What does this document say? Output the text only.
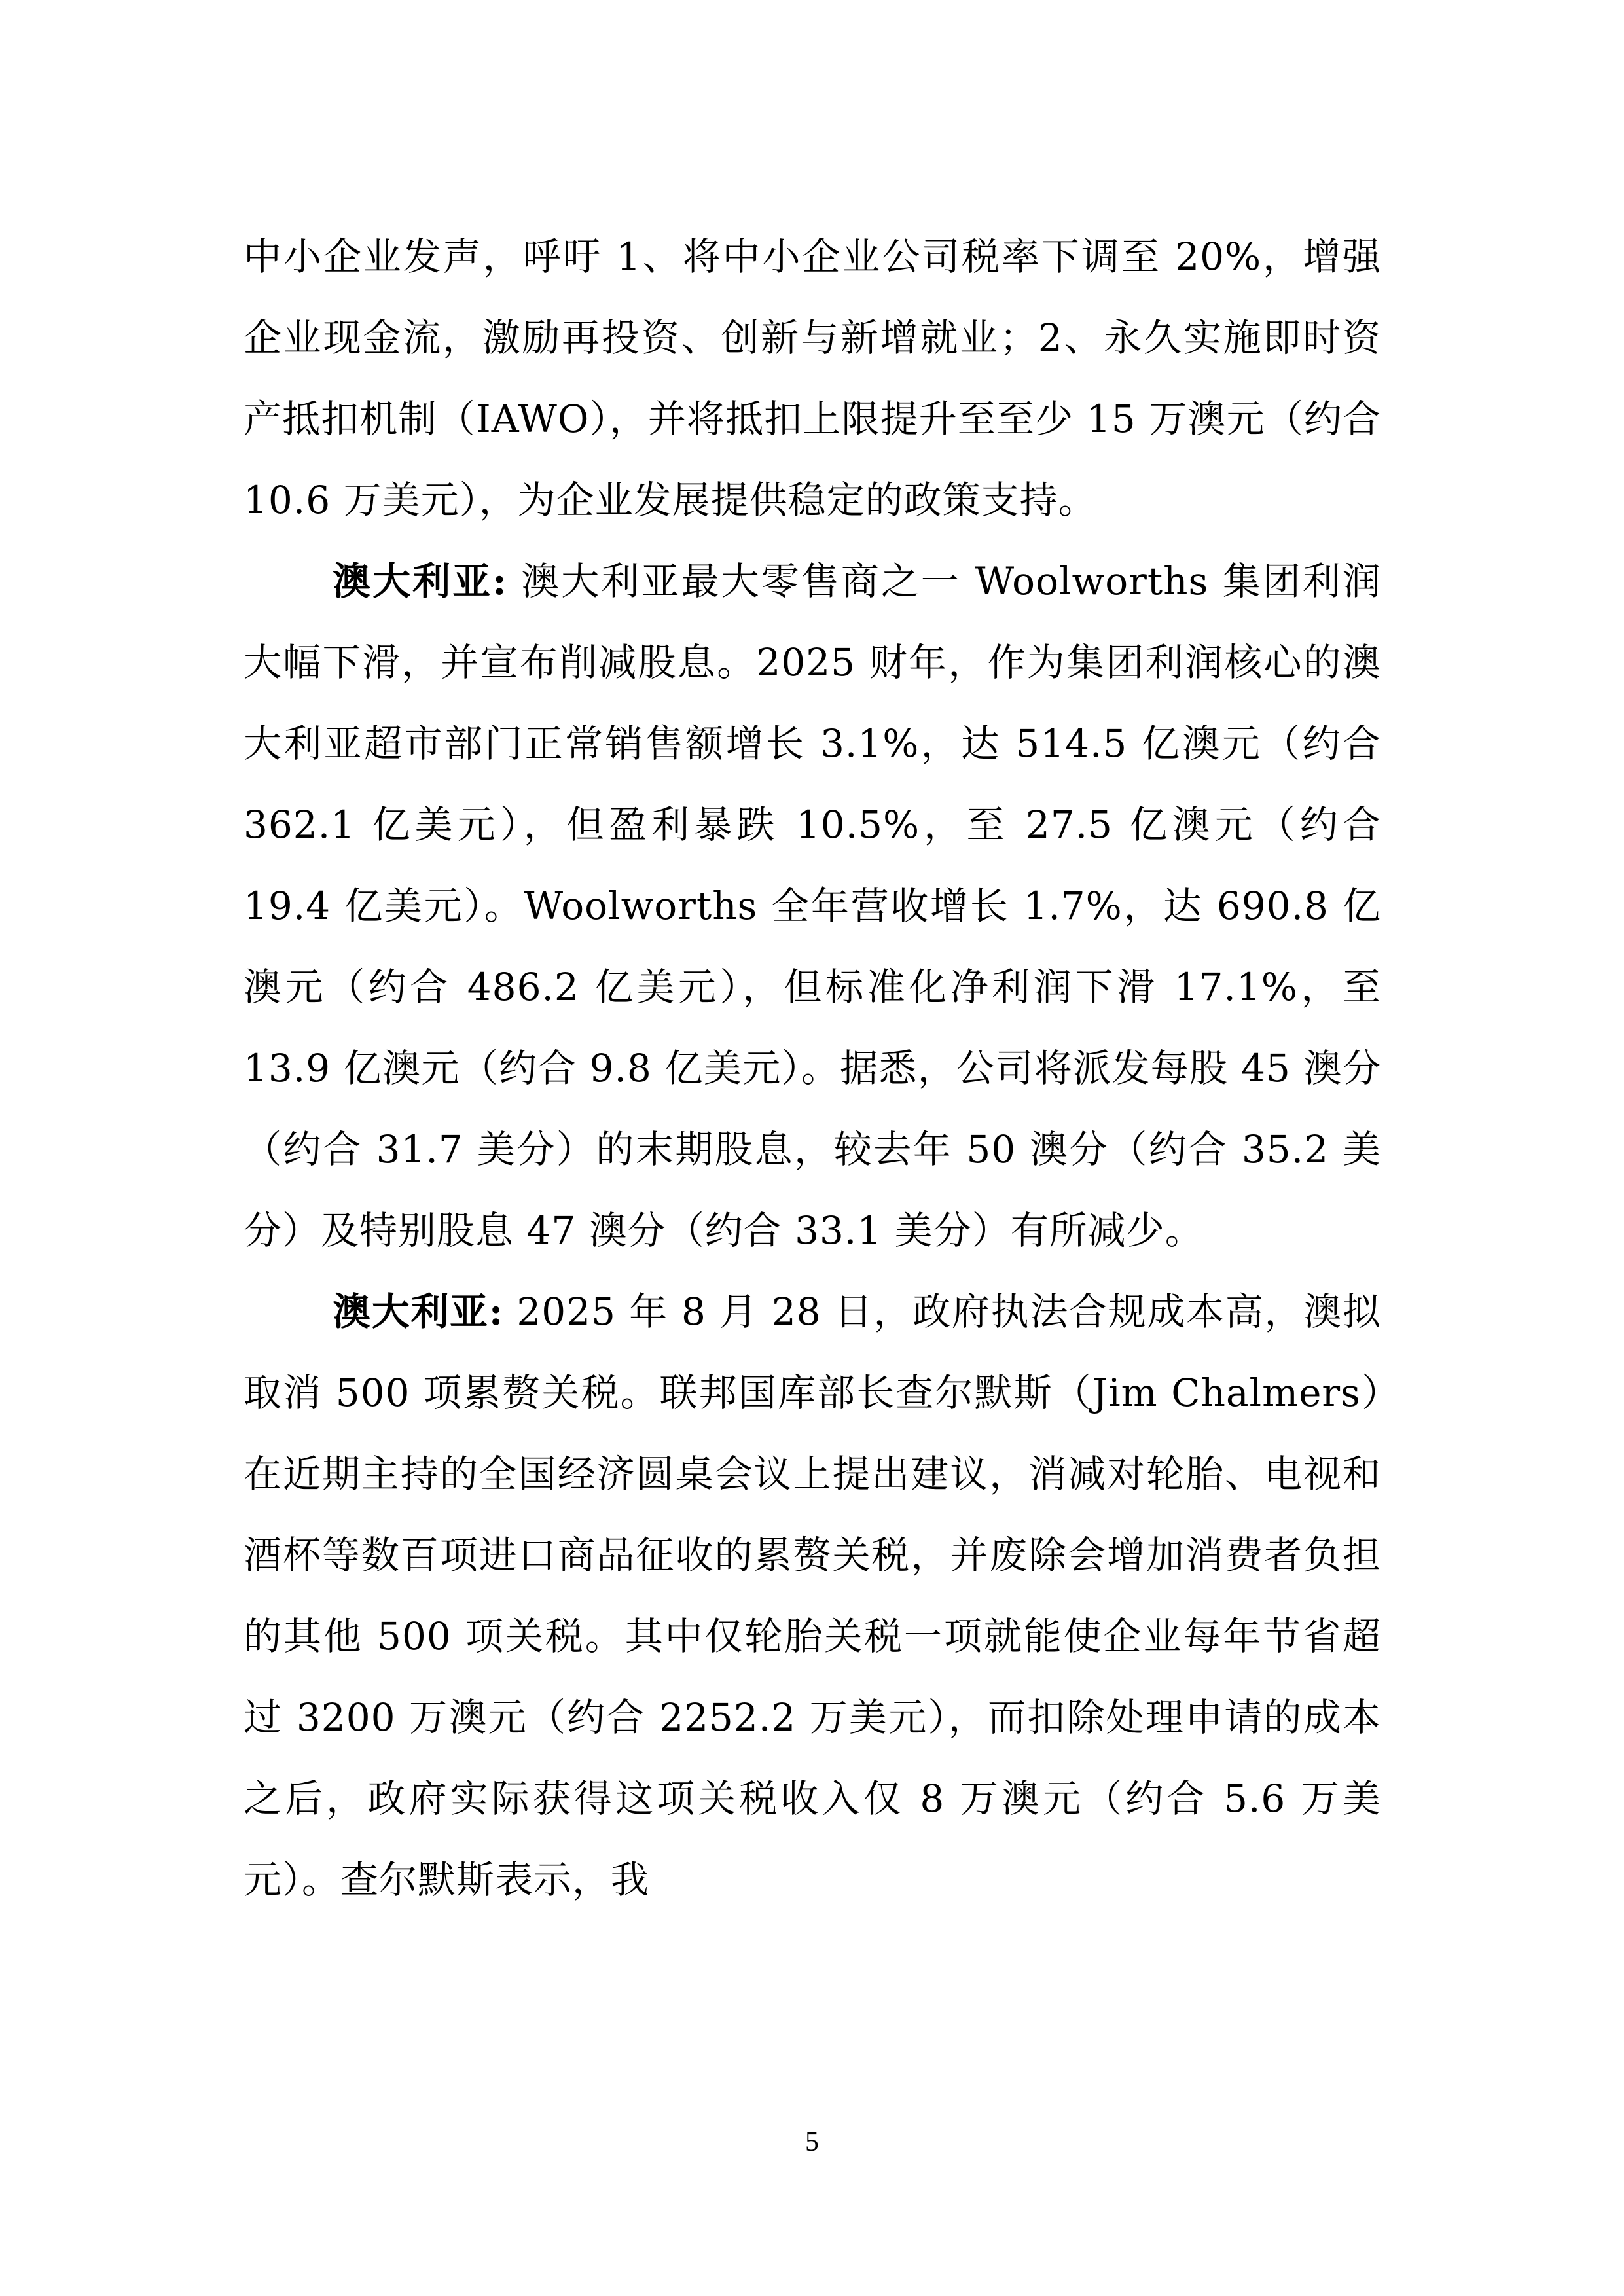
中小企业发声，呼吁 1、将中小企业公司税率下调至 20%，增强企业现金流，激励再投资、创新与新增就业；2、永久实施即时资产抵扣机制（IAWO），并将抵扣上限提升至至少 15 万澳元（约合 10.6 万美元），为企业发展提供稳定的政策支持。

澳大利亚: 澳大利亚最大零售商之一 Woolworths 集团利润大幅下滑，并宣布削减股息。2025 财年，作为集团利润核心的澳大利亚超市部门正常销售额增长 3.1%，达 514.5 亿澳元（约合 362.1 亿美元），但盈利暴跌 10.5%，至 27.5 亿澳元（约合 19.4 亿美元）。Woolworths 全年营收增长 1.7%，达 690.8 亿澳元（约合 486.2 亿美元），但标准化净利润下滑 17.1%，至 13.9 亿澳元（约合 9.8 亿美元）。据悉，公司将派发每股 45 澳分（约合 31.7 美分）的末期股息，较去年 50 澳分（约合 35.2 美分）及特别股息 47 澳分（约合 33.1 美分）有所减少。

澳大利亚: 2025 年 8 月 28 日，政府执法合规成本高，澳拟取消 500 项累赘关税。联邦国库部长查尔默斯（Jim Chalmers）在近期主持的全国经济圆桌会议上提出建议，消减对轮胎、电视和酒杯等数百项进口商品征收的累赘关税，并废除会增加消费者负担的其他 500 项关税。其中仅轮胎关税一项就能使企业每年节省超过 3200 万澳元（约合 2252.2 万美元），而扣除处理申请的成本之后，政府实际获得这项关税收入仅 8 万澳元（约合 5.6 万美元）。查尔默斯表示，我

5
